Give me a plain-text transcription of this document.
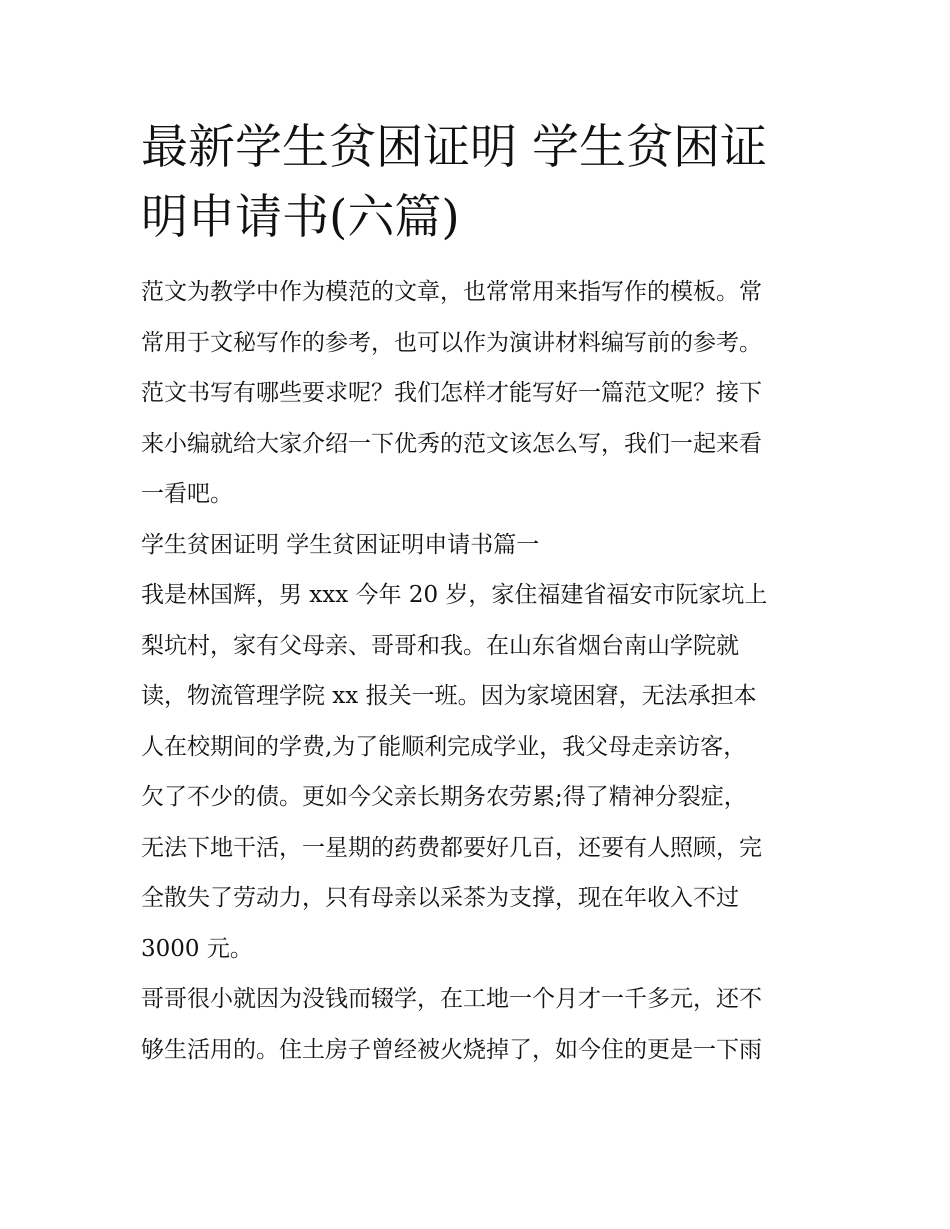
最新学生贫困证明 学生贫困证
明申请书(六篇)

范文为教学中作为模范的文章，也常常用来指写作的模板。常
常用于文秘写作的参考，也可以作为演讲材料编写前的参考。
范文书写有哪些要求呢？我们怎样才能写好一篇范文呢？接下
来小编就给大家介绍一下优秀的范文该怎么写，我们一起来看
一看吧。

学生贫困证明 学生贫困证明申请书篇一

我是林国辉，男 xxx 今年 20 岁，家住福建省福安市阮家坑上
梨坑村，家有父母亲、哥哥和我。在山东省烟台南山学院就
读，物流管理学院 xx 报关一班。因为家境困窘，无法承担本
人在校期间的学费,为了能顺利完成学业，我父母走亲访客，
欠了不少的债。更如今父亲长期务农劳累;得了精神分裂症，
无法下地干活，一星期的药费都要好几百，还要有人照顾，完
全散失了劳动力，只有母亲以采茶为支撑，现在年收入不过
3000 元。

哥哥很小就因为没钱而辍学，在工地一个月才一千多元，还不
够生活用的。住土房子曾经被火烧掉了，如今住的更是一下雨
